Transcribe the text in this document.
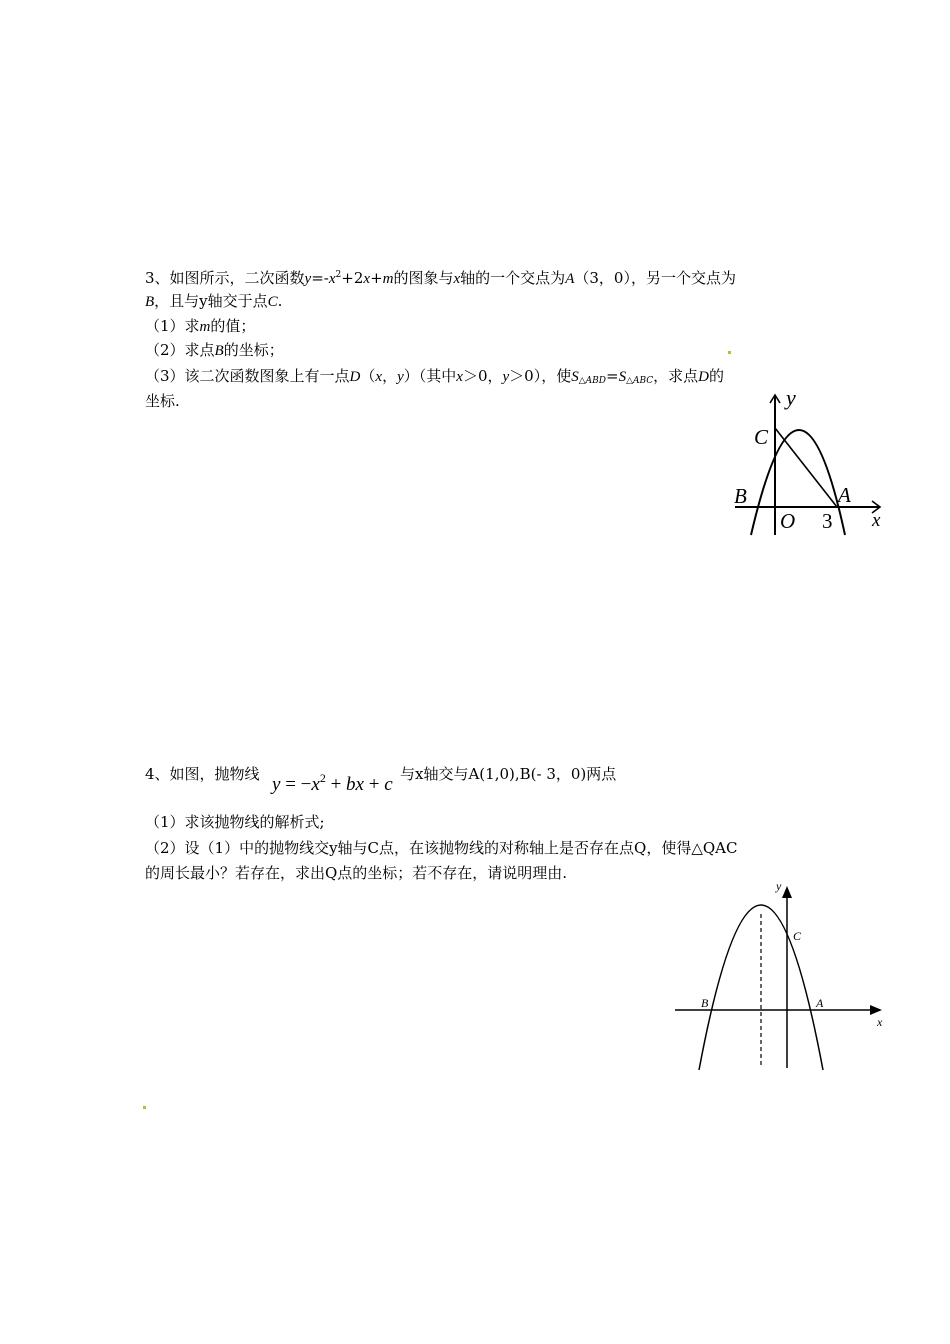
3、如图所示，二次函数$y=-x^2+2x+m$的图象与x轴的一个交点为A（3，0），另一个交点为
B，且与y轴交于点C.
（1）求m的值；
（2）求点B的坐标；
（3）该二次函数图象上有一点D（x，y）（其中x＞0，y＞0），使$S_{\triangle ABD}=S_{\triangle ABC}$，求点D的
坐标.	y
C
B	A
O 3 x
4、如图，抛物线 $y = -x^2$ + bx + c 与x轴交与A(1,0),B(- 3，0)两点
（1）求该抛物线的解析式;
（2）设（1）中的抛物线交y轴与C点，在该抛物线的对称轴上是否存在点Q，使得△QAC
的周长最小？若存在，求出Q点的坐标；若不存在，请说明理由.
y
C
B	A
x
